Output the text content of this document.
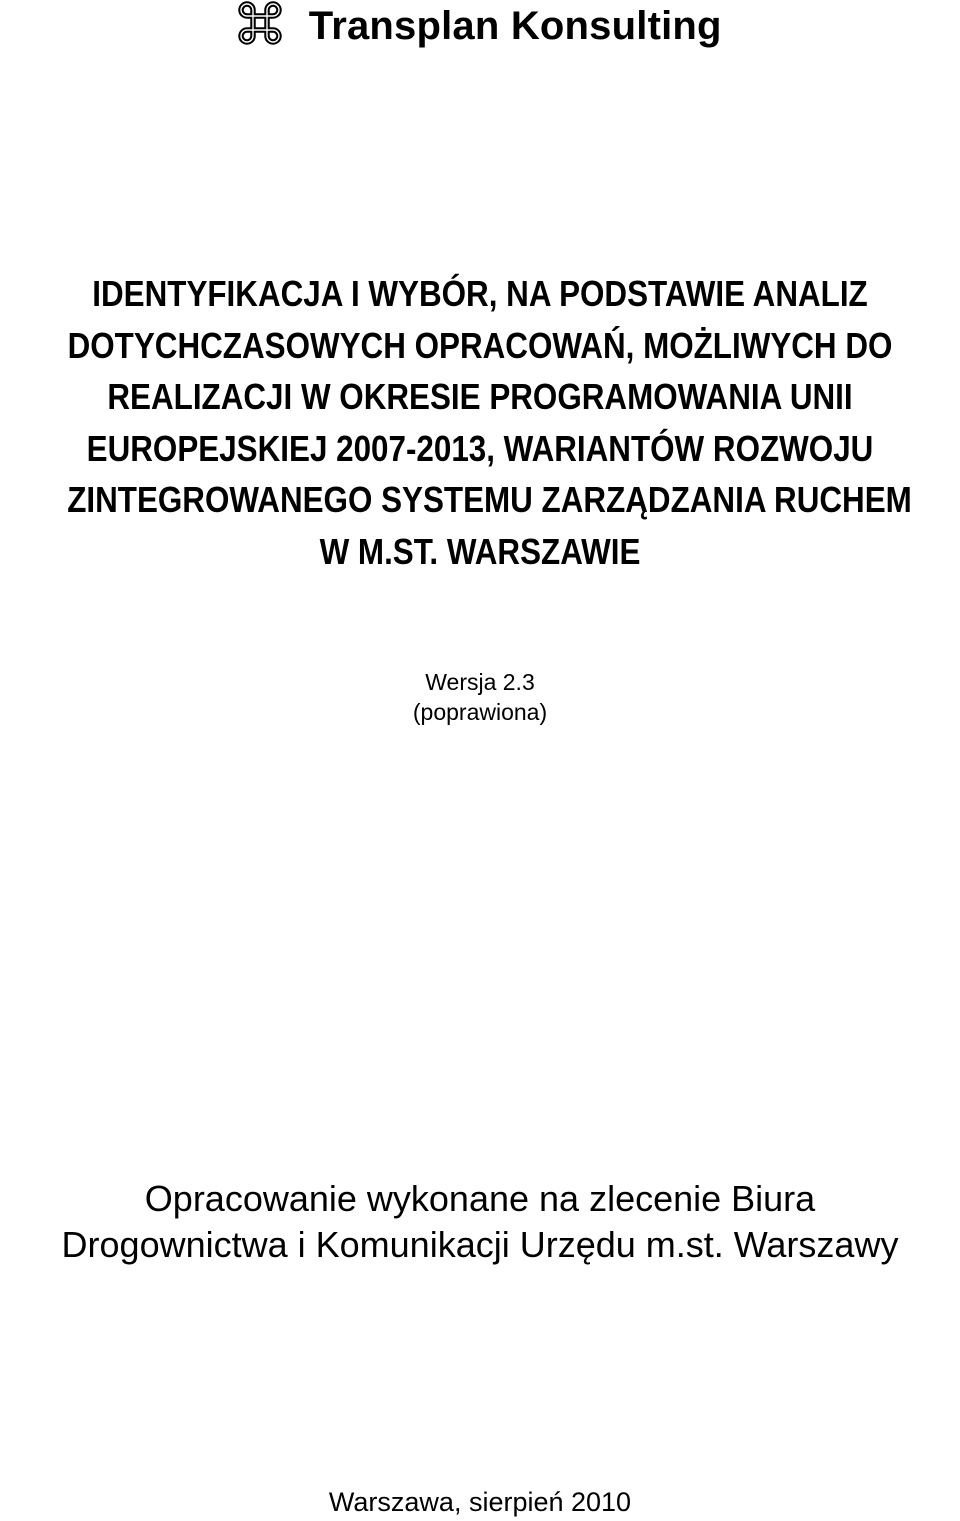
Transplan Konsulting
IDENTYFIKACJA I WYBÓR, NA PODSTAWIE ANALIZ
DOTYCHCZASOWYCH OPRACOWAŃ, MOŻLIWYCH DO
REALIZACJI W OKRESIE PROGRAMOWANIA UNII
EUROPEJSKIEJ 2007-2013, WARIANTÓW ROZWOJU
ZINTEGROWANEGO SYSTEMU ZARZĄDZANIA RUCHEM
W M.ST. WARSZAWIE
Wersja 2.3
(poprawiona)
Opracowanie wykonane na zlecenie Biura
Drogownictwa i Komunikacji Urzędu m.st. Warszawy
Warszawa, sierpień 2010
